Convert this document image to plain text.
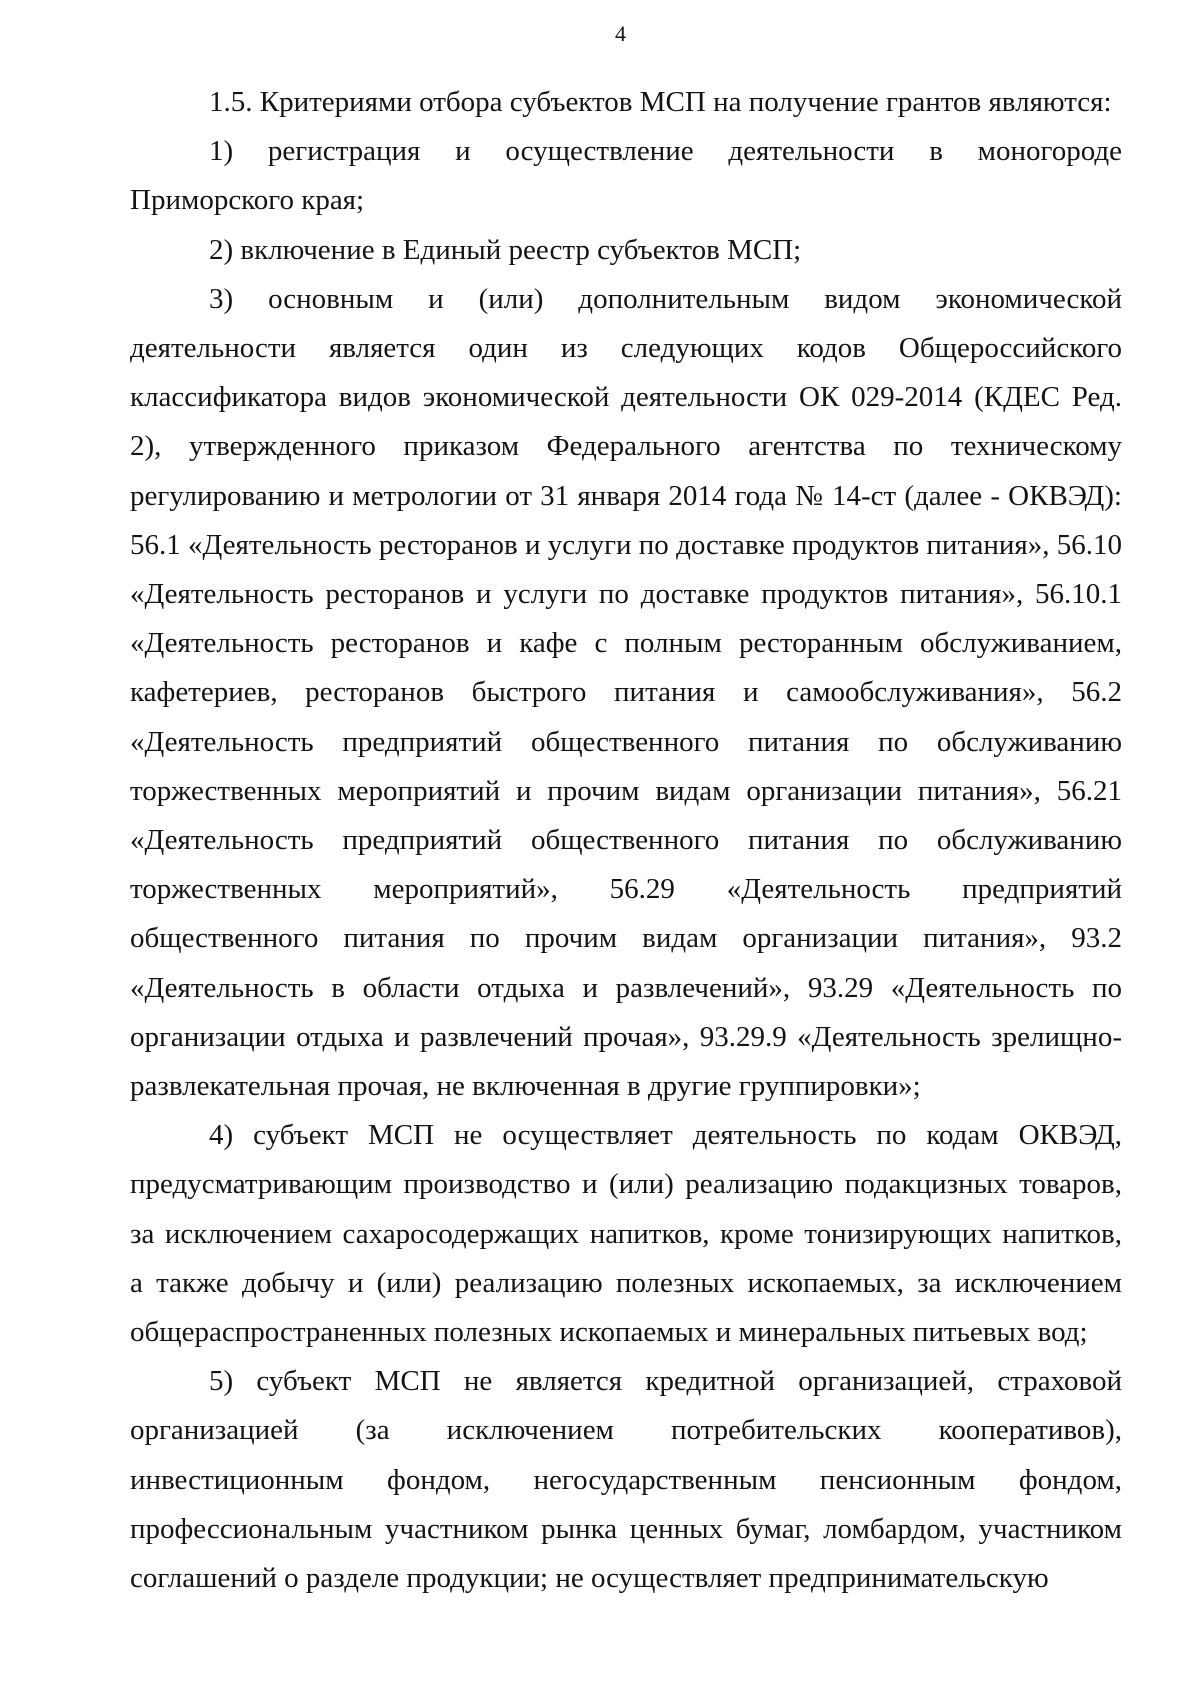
4

1.5. Критериями отбора субъектов МСП на получение грантов являются:

1) регистрация и осуществление деятельности в моногороде Приморского края;

2) включение в Единый реестр субъектов МСП;

3) основным и (или) дополнительным видом экономической деятельности является один из следующих кодов Общероссийского классификатора видов экономической деятельности ОК 029-2014 (КДЕС Ред. 2), утвержденного приказом Федерального агентства по техническому регулированию и метрологии от 31 января 2014 года № 14-ст (далее - ОКВЭД): 56.1 «Деятельность ресторанов и услуги по доставке продуктов питания», 56.10 «Деятельность ресторанов и услуги по доставке продуктов питания», 56.10.1 «Деятельность ресторанов и кафе с полным ресторанным обслуживанием, кафетериев, ресторанов быстрого питания и самообслуживания», 56.2 «Деятельность предприятий общественного питания по обслуживанию торжественных мероприятий и прочим видам организации питания», 56.21 «Деятельность предприятий общественного питания по обслуживанию торжественных мероприятий», 56.29 «Деятельность предприятий общественного питания по прочим видам организации питания», 93.2 «Деятельность в области отдыха и развлечений», 93.29 «Деятельность по организации отдыха и развлечений прочая», 93.29.9 «Деятельность зрелищно-развлекательная прочая, не включенная в другие группировки»;

4) субъект МСП не осуществляет деятельность по кодам ОКВЭД, предусматривающим производство и (или) реализацию подакцизных товаров, за исключением сахаросодержащих напитков, кроме тонизирующих напитков, а также добычу и (или) реализацию полезных ископаемых, за исключением общераспространенных полезных ископаемых и минеральных питьевых вод;

5) субъект МСП не является кредитной организацией, страховой организацией (за исключением потребительских кооперативов), инвестиционным фондом, негосударственным пенсионным фондом, профессиональным участником рынка ценных бумаг, ломбардом, участником соглашений о разделе продукции; не осуществляет предпринимательскую
